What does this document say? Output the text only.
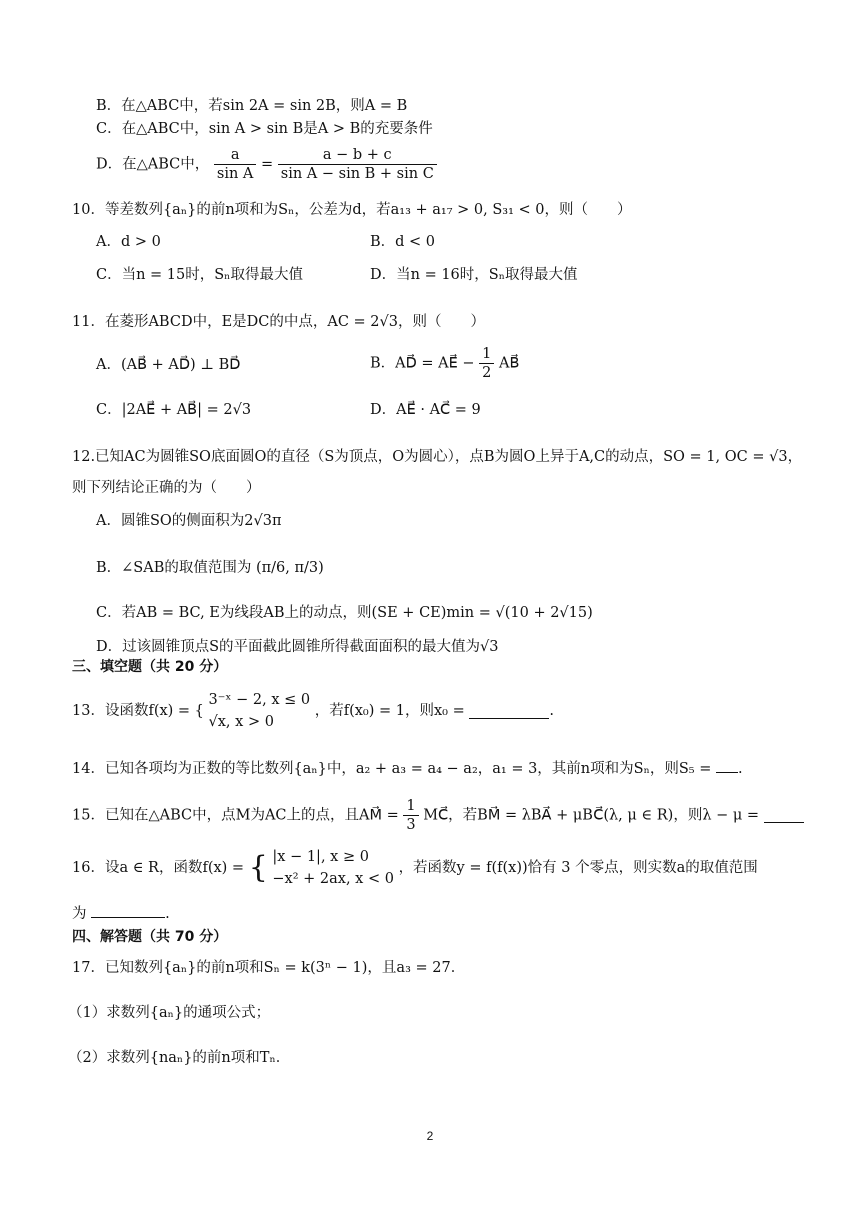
B．在△ABC中，若sin 2A = sin 2B，则A = B
C．在△ABC中，sin A > sin B是A > B的充要条件
D．在△ABC中， $\frac{a}{\text{sin A}} = \frac{a - b + c}{\text{sin A − sin B + sin C}}$
10．等差数列{aₙ}的前n项和为Sₙ，公差为d，若a₁₃ + a₁₇ > 0, S₃₁ < 0，则（　　）
A．d > 0	B．d < 0
C．当n = 15时，Sₙ取得最大值	D．当n = 16时，Sₙ取得最大值
11．在菱形ABCD中，E是DC的中点，AC = 2√3，则（　　）
A．(AB⃗ + AD⃗) ⊥ BD⃗	B．AD⃗ = AE⃗ − $\frac{1}{2}$ AB⃗
C．|2AE⃗ + AB⃗| = 2√3	D．AE⃗ · AC⃗ = 9
12.已知AC为圆锥SO底面圆O的直径（S为顶点，O为圆心），点B为圆O上异于A,C的动点，SO = 1, OC = √3，
则下列结论正确的为（　　）
A．圆锥SO的侧面积为2√3π
B．∠SAB的取值范围为 (π/6, π/3)
C．若AB = BC, E为线段AB上的动点，则(SE + CE)min = √(10 + 2√15)
D．过该圆锥顶点S的平面截此圆锥所得截面面积的最大值为√3
三、填空题（共 20 分）
13．设函数f(x) = {
3⁻ˣ − 2, x ≤ 0
√x, x > 0
，若f(x₀) = 1，则x₀ =	.
14．已知各项均为正数的等比数列{aₙ}中，a₂ + a₃ = a₄ − a₂，a₁ = 3，其前n项和为Sₙ，则S₅ = .
15．已知在△ABC中，点M为AC上的点，且AM⃗ = $\frac{1}{3}$ MC⃗，若BM⃗ = λBA⃗ + μBC⃗(λ, μ ∈ R)，则λ − μ =
16．设a ∈ R，函数f(x) = { |x − 1|, x ≥ 0
−x² + 2ax, x < 0
，若函数y = f(f(x))恰有 3 个零点，则实数a的取值范围
为	.
四、解答题（共 70 分）
17．已知数列{aₙ}的前n项和Sₙ = k(3ⁿ − 1)，且a₃ = 27．
（1）求数列{aₙ}的通项公式；
（2）求数列{naₙ}的前n项和Tₙ．
2
